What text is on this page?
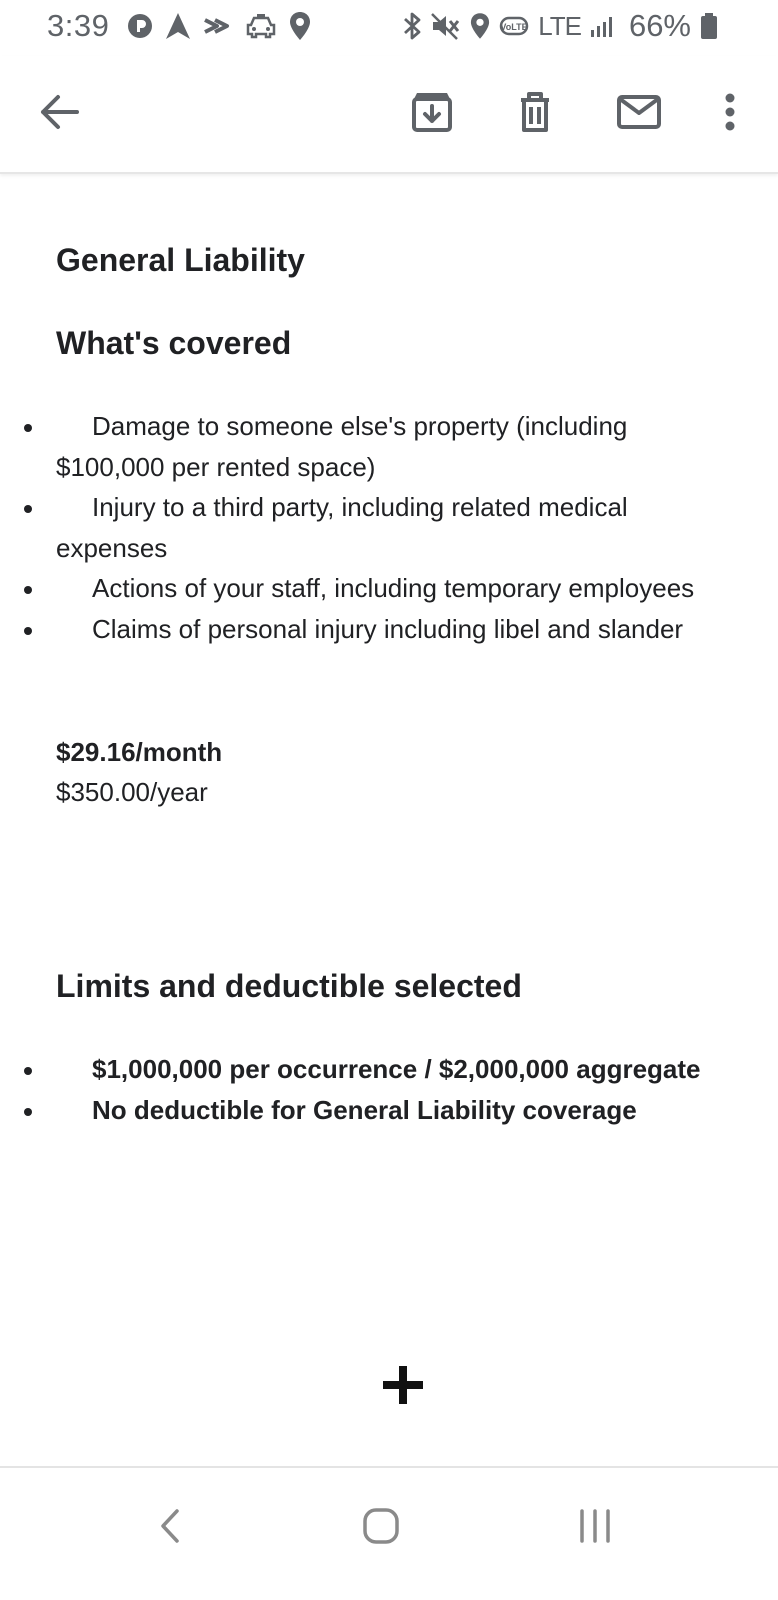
3:39	VoLTE LTE 66%
General Liability
What's covered
Damage to someone else's property (including $100,000 per rented space)
Injury to a third party, including related medical expenses
Actions of your staff, including temporary employees
Claims of personal injury including libel and slander
$29.16/month
$350.00/year
Limits and deductible selected
$1,000,000 per occurrence / $2,000,000 aggregate
No deductible for General Liability coverage
